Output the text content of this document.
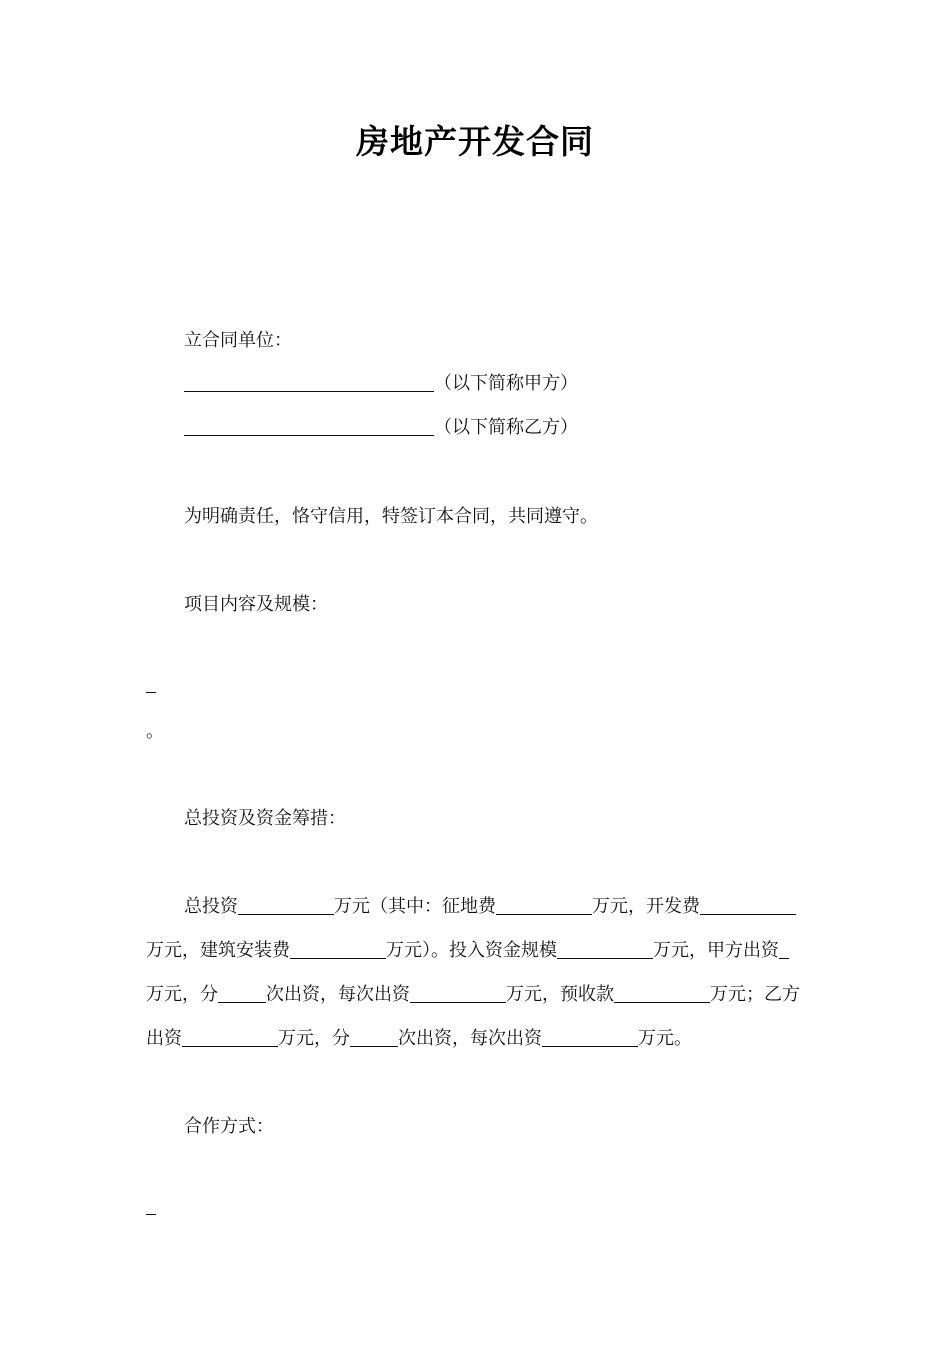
房地产开发合同
立合同单位：
（以下简称甲方）
（以下简称乙方）
为明确责任，恪守信用，特签订本合同，共同遵守。
项目内容及规模：
。
总投资及资金筹措：
总投资	万元（其中：征地费	万元，开发费
万元，建筑安装费	万元）。投入资金规模	万元，甲方出资
万元，分	次出资，每次出资	万元，预收款	万元；乙方
出资	万元，分	次出资，每次出资	万元。
合作方式：
